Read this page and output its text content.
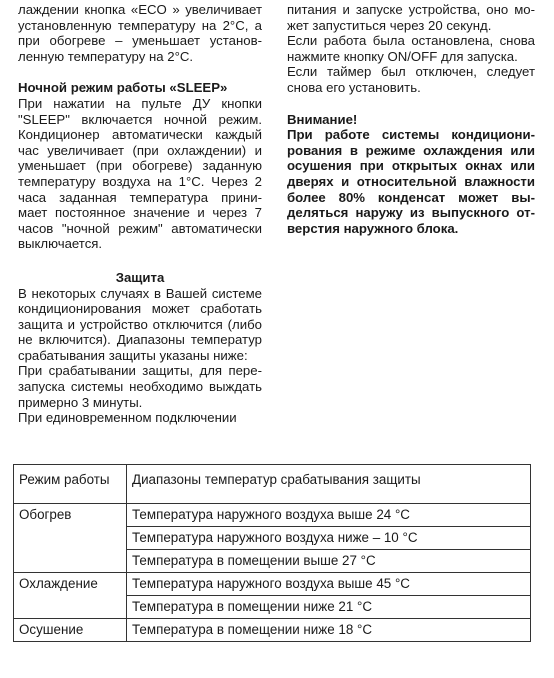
лаждении кнопка «ECO » увеличивает установленную температуру на 2°C, а при обогреве – уменьшает установ-ленную температуру на 2°C.

Ночной режим работы «SLEEP»

При нажатии на пульте ДУ кнопки "SLEEP" включается ночной режим. Кондиционер автоматически каждый час увеличивает (при охлаждении) и уменьшает (при обогреве) заданную температуру воздуха на 1°C. Через 2 часа заданная температура прини-мает постоянное значение и через 7 часов "ночной режим" автоматически выключается.

Защита

В некоторых случаях в Вашей системе кондиционирования может сработать защита и устройство отключится (либо не включится). Диапазоны температур срабатывания защиты указаны ниже:

При срабатывании защиты, для пере-запуска системы необходимо выждать примерно 3 минуты.

При единовременном подключении

питания и запуске устройства, оно мо-жет запуститься через 20 секунд.

Если работа была остановлена, снова нажмите кнопку ON/OFF для запуска.

Если таймер был отключен, следует снова его установить.

Внимание!

При работе системы кондициони-рования в режиме охлаждения или осушения при открытых окнах или дверях и относительной влажности более 80% конденсат может вы-деляться наружу из выпускного от-верстия наружного блока.

Режим работы	Диапазоны температур срабатывания защиты
Обогрев	Температура наружного воздуха выше 24 °С
	Температура наружного воздуха ниже – 10 °С
	Температура в помещении выше 27 °С
Охлаждение	Температура наружного воздуха выше 45 °С
	Температура в помещении ниже 21 °С
Осушение	Температура в помещении ниже 18 °С
